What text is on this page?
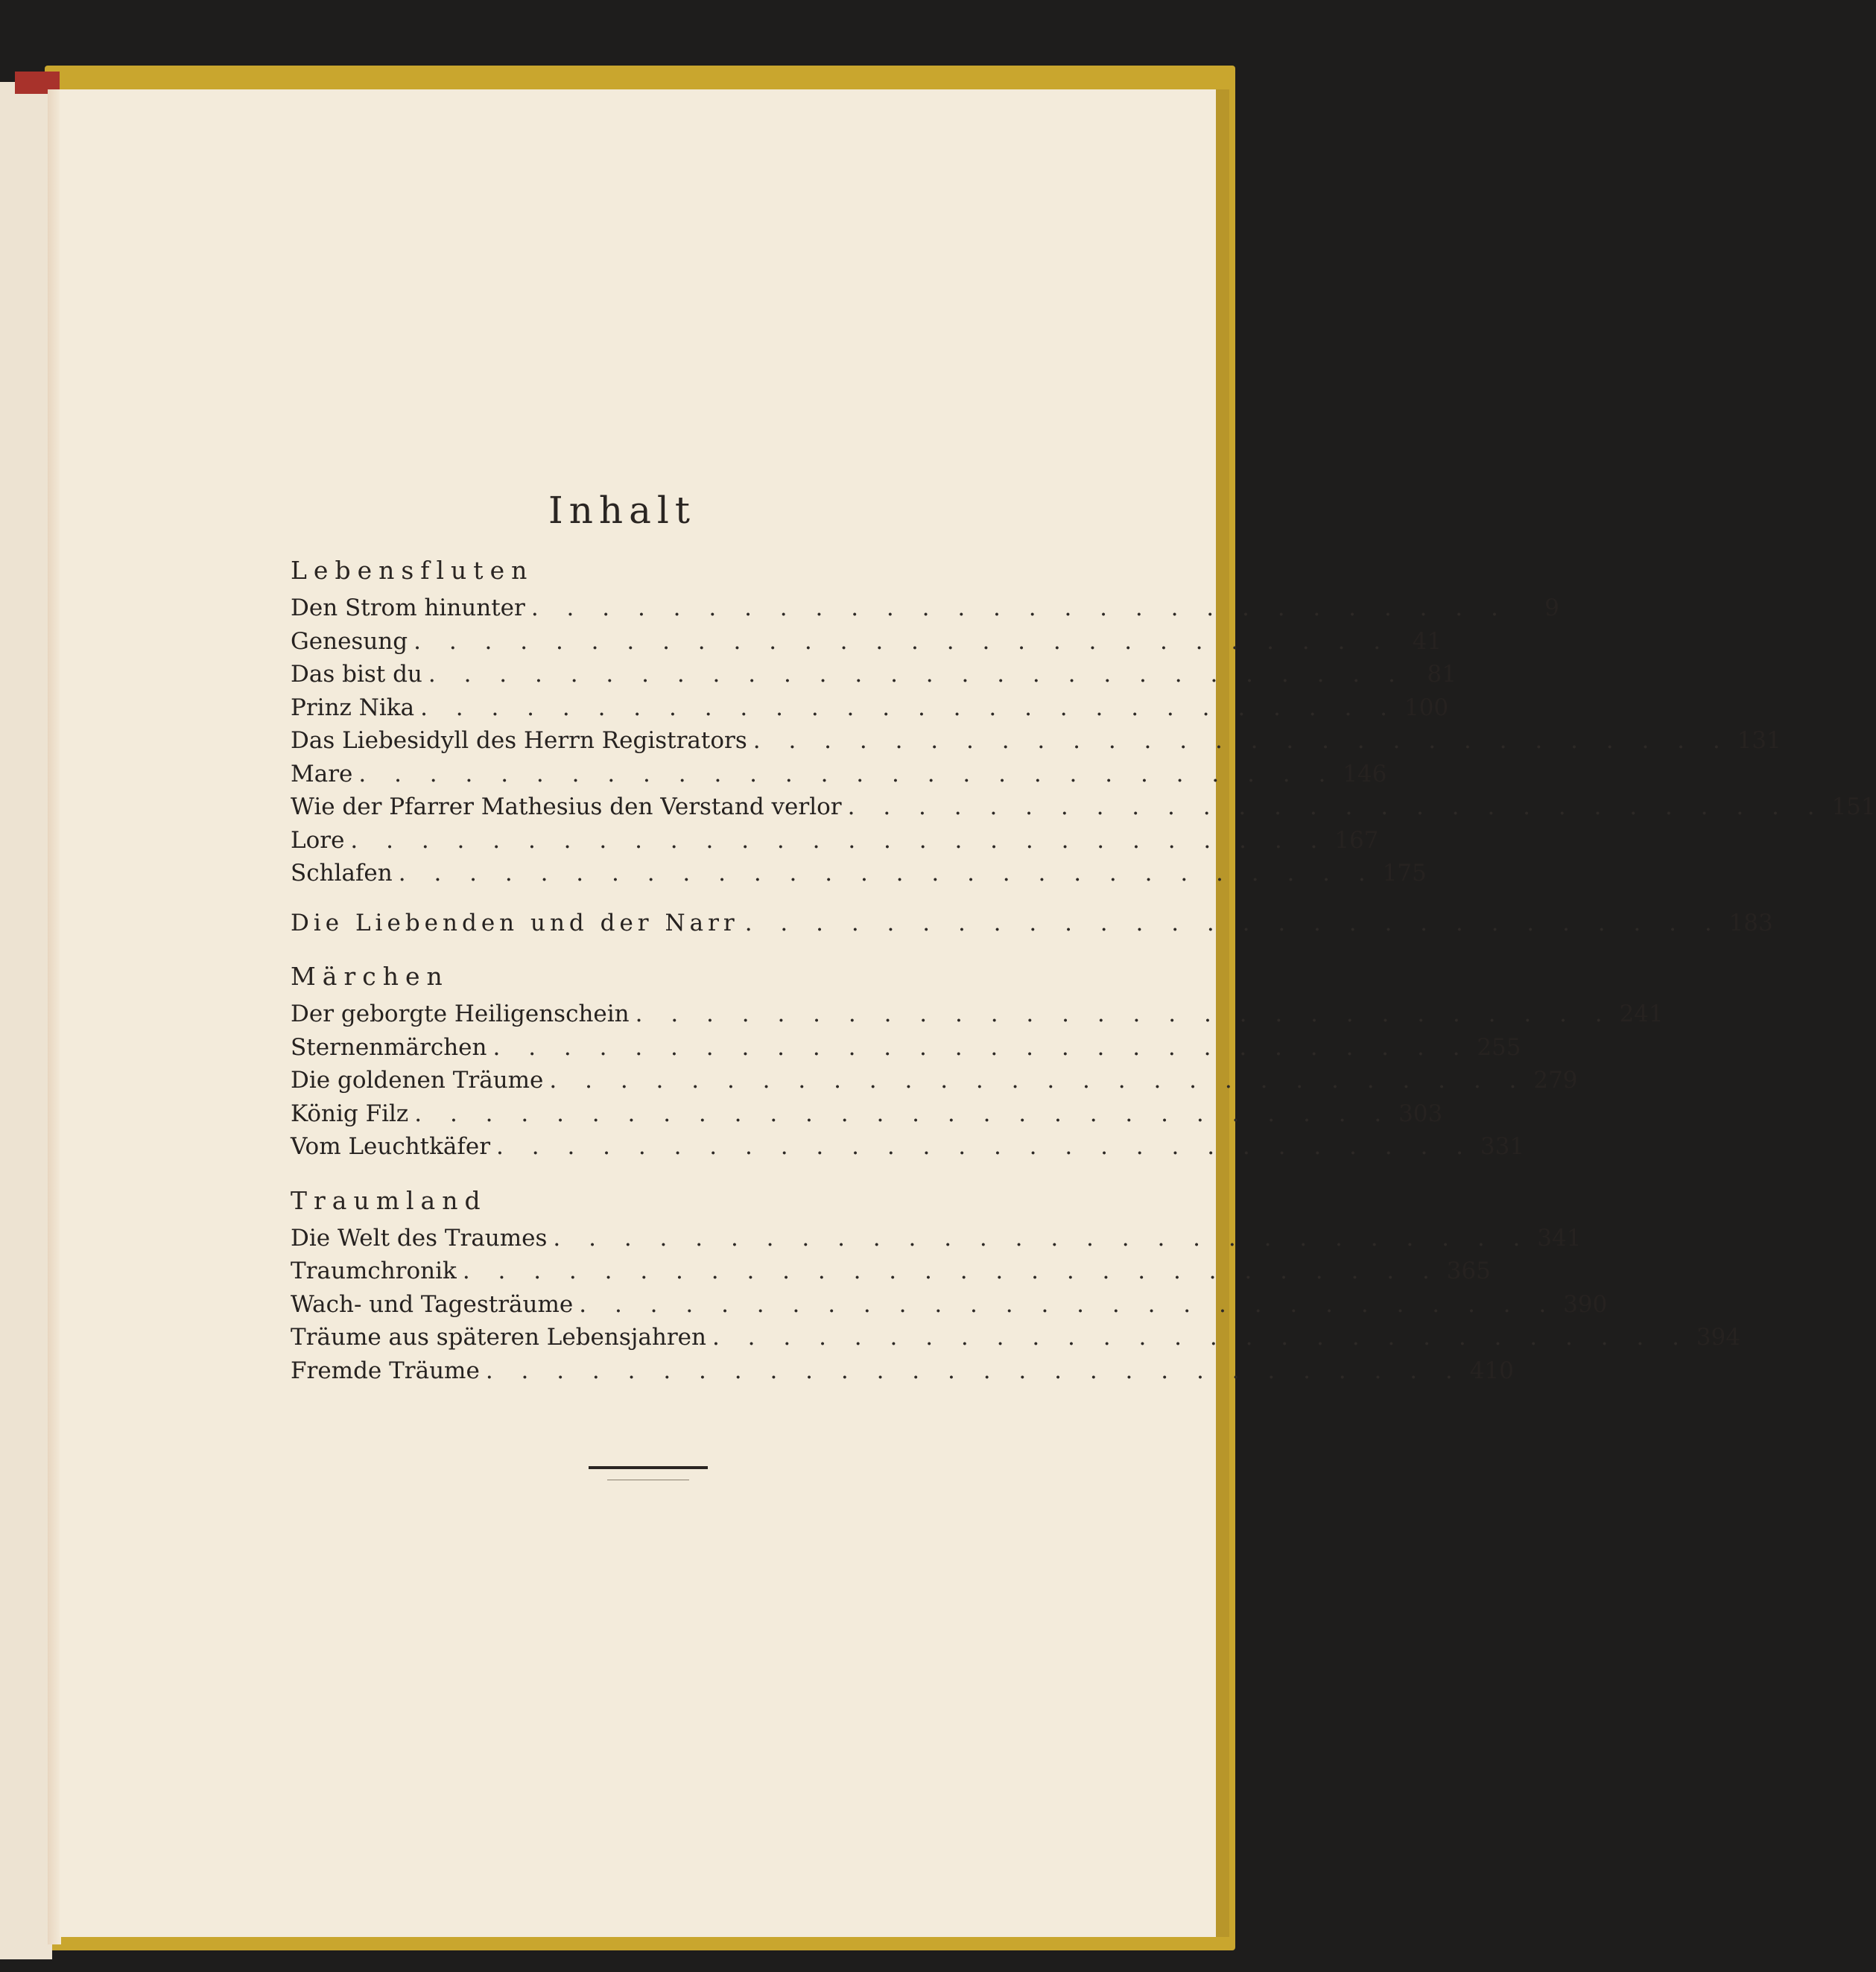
Inhalt
Lebensfluten
Den Strom hinunter . . . . . . . . . . . . . . . . . . . . . . . . . . . .	9
Genesung . . . . . . . . . . . . . . . . . . . . . . . . . . . . 41
Das bist du . . . . . . . . . . . . . . . . . . . . . . . . . . . . 81
Prinz Nika . . . . . . . . . . . . . . . . . . . . . . . . . . . . 100
Das Liebesidyll des Herrn Registrators . . . . . . . . . . . . . . . . . . . . . . . . . . . . 131
Mare . . . . . . . . . . . . . . . . . . . . . . . . . . . . 146
Wie der Pfarrer Mathesius den Verstand verlor . . . . . . . . . . . . . . . . . . . . . . . . . . . . 151
Lore . . . . . . . . . . . . . . . . . . . . . . . . . . . . 167
Schlafen . . . . . . . . . . . . . . . . . . . . . . . . . . . . 175
Die Liebenden und der Narr . . . . . . . . . . . . . . . . . . . . . . . . . . . . 183
Märchen
Der geborgte Heiligenschein . . . . . . . . . . . . . . . . . . . . . . . . . . . . 241
Sternenmärchen . . . . . . . . . . . . . . . . . . . . . . . . . . . . 255
Die goldenen Träume . . . . . . . . . . . . . . . . . . . . . . . . . . . . 279
König Filz . . . . . . . . . . . . . . . . . . . . . . . . . . . . 303
Vom Leuchtkäfer . . . . . . . . . . . . . . . . . . . . . . . . . . . . 331
Traumland
Die Welt des Traumes . . . . . . . . . . . . . . . . . . . . . . . . . . . . 341
Traumchronik . . . . . . . . . . . . . . . . . . . . . . . . . . . . 365
Wach- und Tagesträume . . . . . . . . . . . . . . . . . . . . . . . . . . . . 390
Träume aus späteren Lebensjahren . . . . . . . . . . . . . . . . . . . . . . . . . . . . 394
Fremde Träume . . . . . . . . . . . . . . . . . . . . . . . . . . . . 410
